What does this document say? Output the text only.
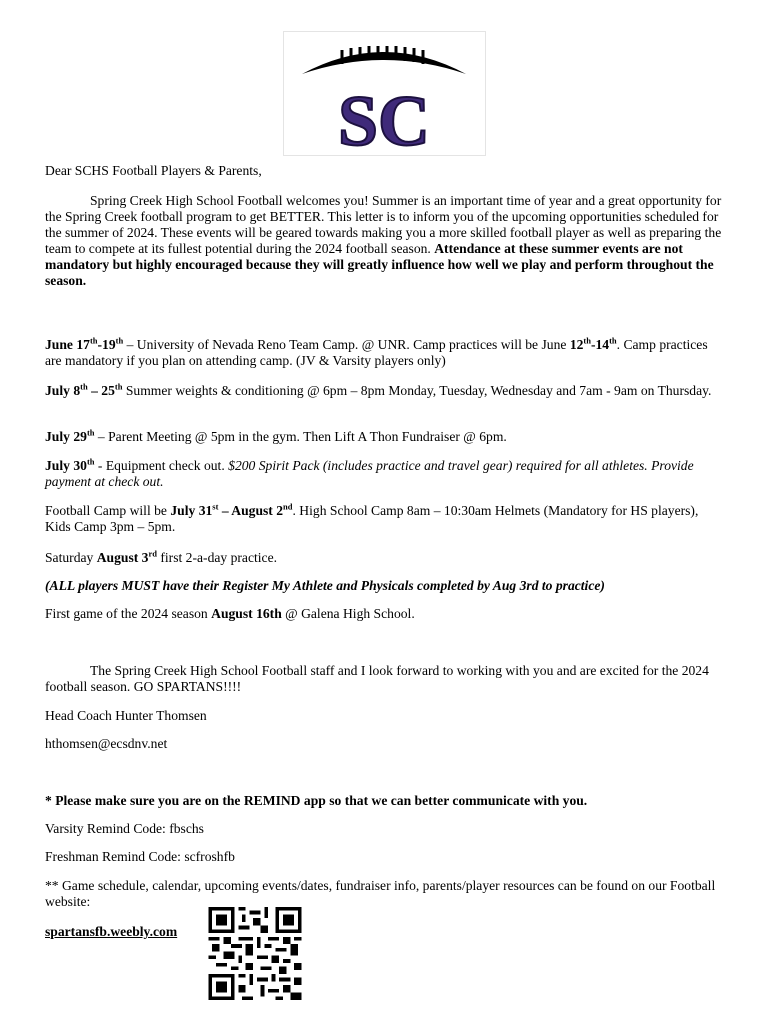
SC

Dear SCHS Football Players & Parents,

Spring Creek High School Football welcomes you! Summer is an important time of year and a great opportunity for the Spring Creek football program to get BETTER. This letter is to inform you of the upcoming opportunities scheduled for the summer of 2024. These events will be geared towards making you a more skilled football player as well as preparing the team to compete at its fullest potential during the 2024 football season. Attendance at these summer events are not mandatory but highly encouraged because they will greatly influence how well we play and perform throughout the season.

June 17th-19th – University of Nevada Reno Team Camp. @ UNR. Camp practices will be June 12th-14th. Camp practices are mandatory if you plan on attending camp. (JV & Varsity players only)

July 8th – 25th Summer weights & conditioning @ 6pm – 8pm Monday, Tuesday, Wednesday and 7am - 9am on Thursday.

July 29th – Parent Meeting @ 5pm in the gym. Then Lift A Thon Fundraiser @ 6pm.

July 30th - Equipment check out. $200 Spirit Pack (includes practice and travel gear) required for all athletes. Provide payment at check out.

Football Camp will be July 31st – August 2nd. High School Camp 8am – 10:30am Helmets (Mandatory for HS players), Kids Camp 3pm – 5pm.

Saturday August 3rd first 2-a-day practice.

(ALL players MUST have their Register My Athlete and Physicals completed by Aug 3rd to practice)

First game of the 2024 season August 16th @ Galena High School.

The Spring Creek High School Football staff and I look forward to working with you and are excited for the 2024 football season. GO SPARTANS!!!!

Head Coach Hunter Thomsen

hthomsen@ecsdnv.net

* Please make sure you are on the REMIND app so that we can better communicate with you.

Varsity Remind Code: fbschs

Freshman Remind Code: scfroshfb

** Game schedule, calendar, upcoming events/dates, fundraiser info, parents/player resources can be found on our Football website:

spartansfb.weebly.com
